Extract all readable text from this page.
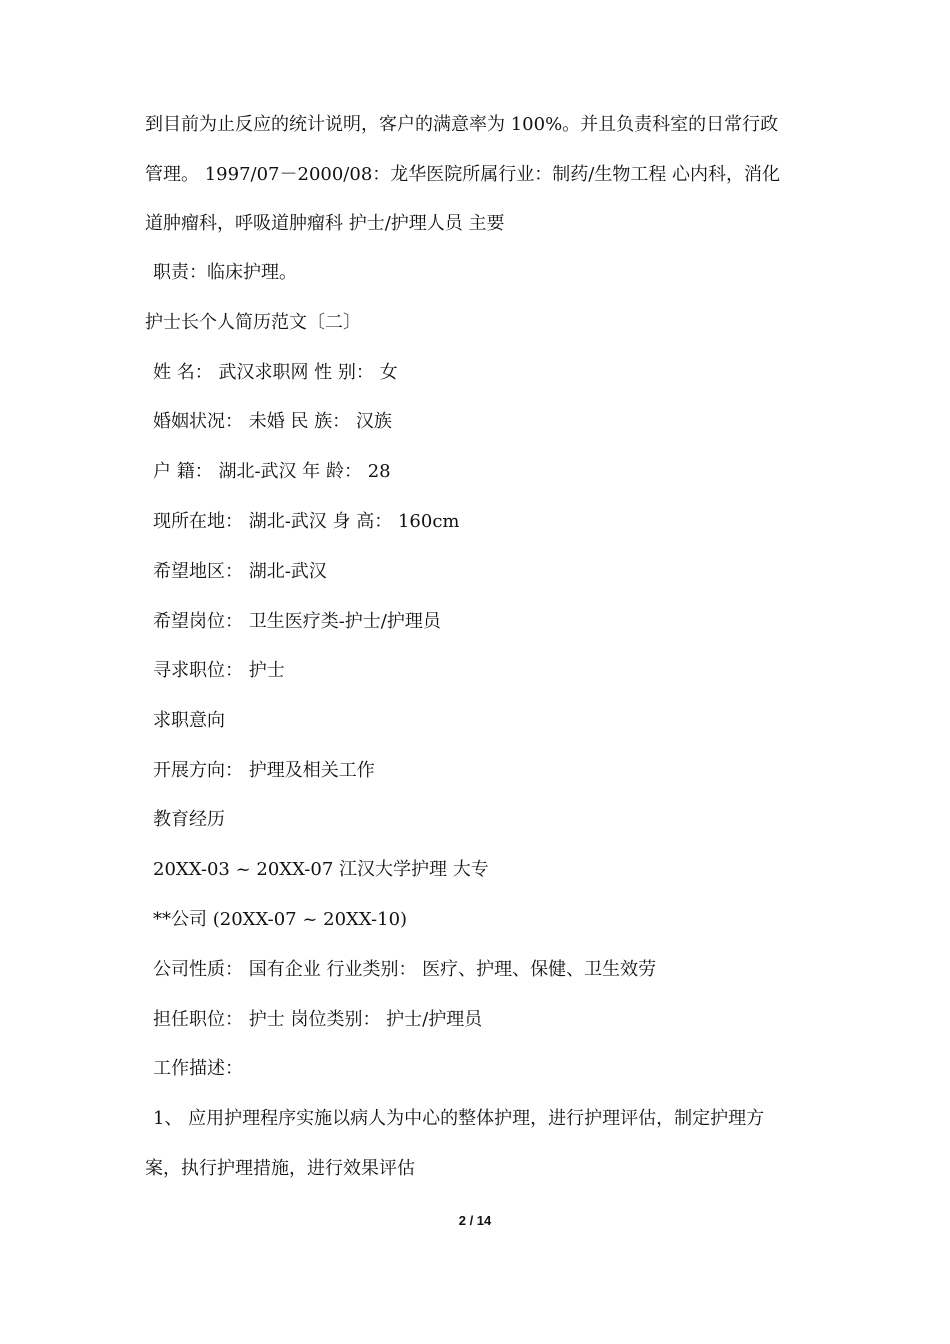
到目前为止反应的统计说明，客户的满意率为 100%。并且负责科室的日常行政
管理。 1997/07－2000/08：龙华医院所属行业：制药/生物工程 心内科，消化
道肿瘤科，呼吸道肿瘤科 护士/护理人员 主要
职责：临床护理。
护士长个人简历范文〔二〕
姓 名： 武汉求职网 性 别： 女
婚姻状况： 未婚 民 族： 汉族
户 籍： 湖北-武汉 年 龄： 28
现所在地： 湖北-武汉 身 高： 160cm
希望地区： 湖北-武汉
希望岗位： 卫生医疗类-护士/护理员
寻求职位： 护士
求职意向
开展方向： 护理及相关工作
教育经历
20XX-03 ~ 20XX-07 江汉大学护理 大专
**公司 (20XX-07 ~ 20XX-10)
公司性质： 国有企业 行业类别： 医疗、护理、保健、卫生效劳
担任职位： 护士 岗位类别： 护士/护理员
工作描述：
1、 应用护理程序实施以病人为中心的整体护理，进行护理评估，制定护理方
案，执行护理措施，进行效果评估
2 / 14
